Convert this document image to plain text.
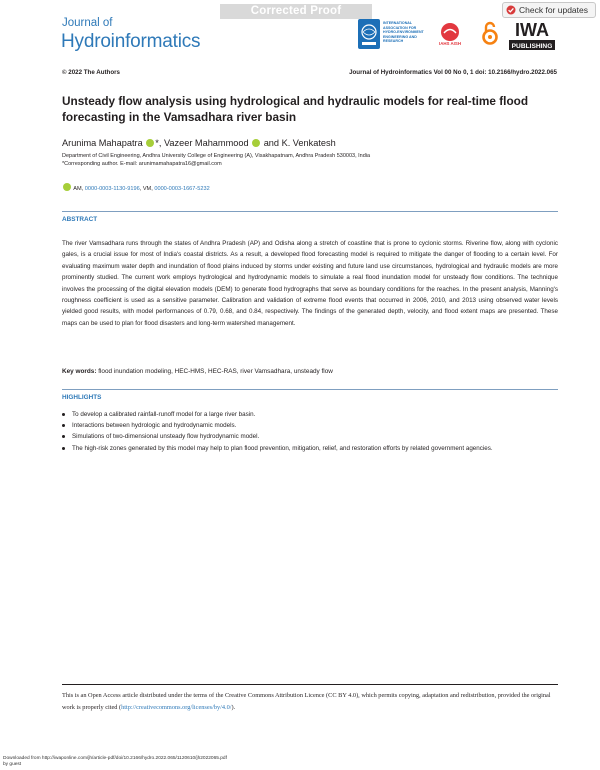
Corrected Proof
Journal of
Hydroinformatics
Check for updates
INTERNATIONAL ASSOCIATION FOR HYDRO-ENVIRONMENT ENGINEERING AND RESEARCH	IAHS AISH
IWA
PUBLISHING
© 2022 The Authors	Journal of Hydroinformatics Vol 00 No 0, 1 doi: 10.2166/hydro.2022.065
Unsteady flow analysis using hydrological and hydraulic models for real-time flood forecasting in the Vamsadhara river basin
Arunima Mahapatra *, Vazeer Mahammood and K. Venkatesh
Department of Civil Engineering, Andhra University College of Engineering (A), Visakhapatnam, Andhra Pradesh 530003, India
*Corresponding author. E-mail: arunimamahapatra16@gmail.com
AM, 0000-0003-1130-9196, VM, 0000-0003-1667-5232
ABSTRACT
The river Vamsadhara runs through the states of Andhra Pradesh (AP) and Odisha along a stretch of coastline that is prone to cyclonic storms. Riverine flow, along with cyclonic gales, is a crucial issue for most of India's coastal districts. As a result, a developed flood forecasting model is required to mitigate the danger of flooding to a certain level. For evaluating maximum water depth and inundation of flood plains induced by storms under existing and future land use circumstances, hydrological and hydraulic models are more prominently studied. The current work employs hydrological and hydrodynamic models to simulate a real flood inundation model for unsteady flow conditions. The technique involves the processing of the digital elevation models (DEM) to generate flood hydrographs that serve as boundary conditions for the reaches. In the present analysis, Manning's roughness coefficient is used as a sensitive parameter. Calibration and validation of extreme flood events that occurred in 2006, 2010, and 2013 using observed water levels yielded good results, with model performances of 0.79, 0.68, and 0.84, respectively. The findings of the generated depth, velocity, and flood extent maps are presented. These maps can be used to plan for flood disasters and long-term watershed management.
Key words: flood inundation modeling, HEC-HMS, HEC-RAS, river Vamsadhara, unsteady flow
HIGHLIGHTS
To develop a calibrated rainfall-runoff model for a large river basin.
Interactions between hydrologic and hydrodynamic models.
Simulations of two-dimensional unsteady flow hydrodynamic model.
The high-risk zones generated by this model may help to plan flood prevention, mitigation, relief, and restoration efforts by related government agencies.
This is an Open Access article distributed under the terms of the Creative Commons Attribution Licence (CC BY 4.0), which permits copying, adaptation and redistribution, provided the original work is properly cited (http://creativecommons.org/licenses/by/4.0/).
Downloaded from http://iwaponline.com/jh/article-pdf/doi/10.2166/hydro.2022.065/1120610/jh2022065.pdf
by guest
